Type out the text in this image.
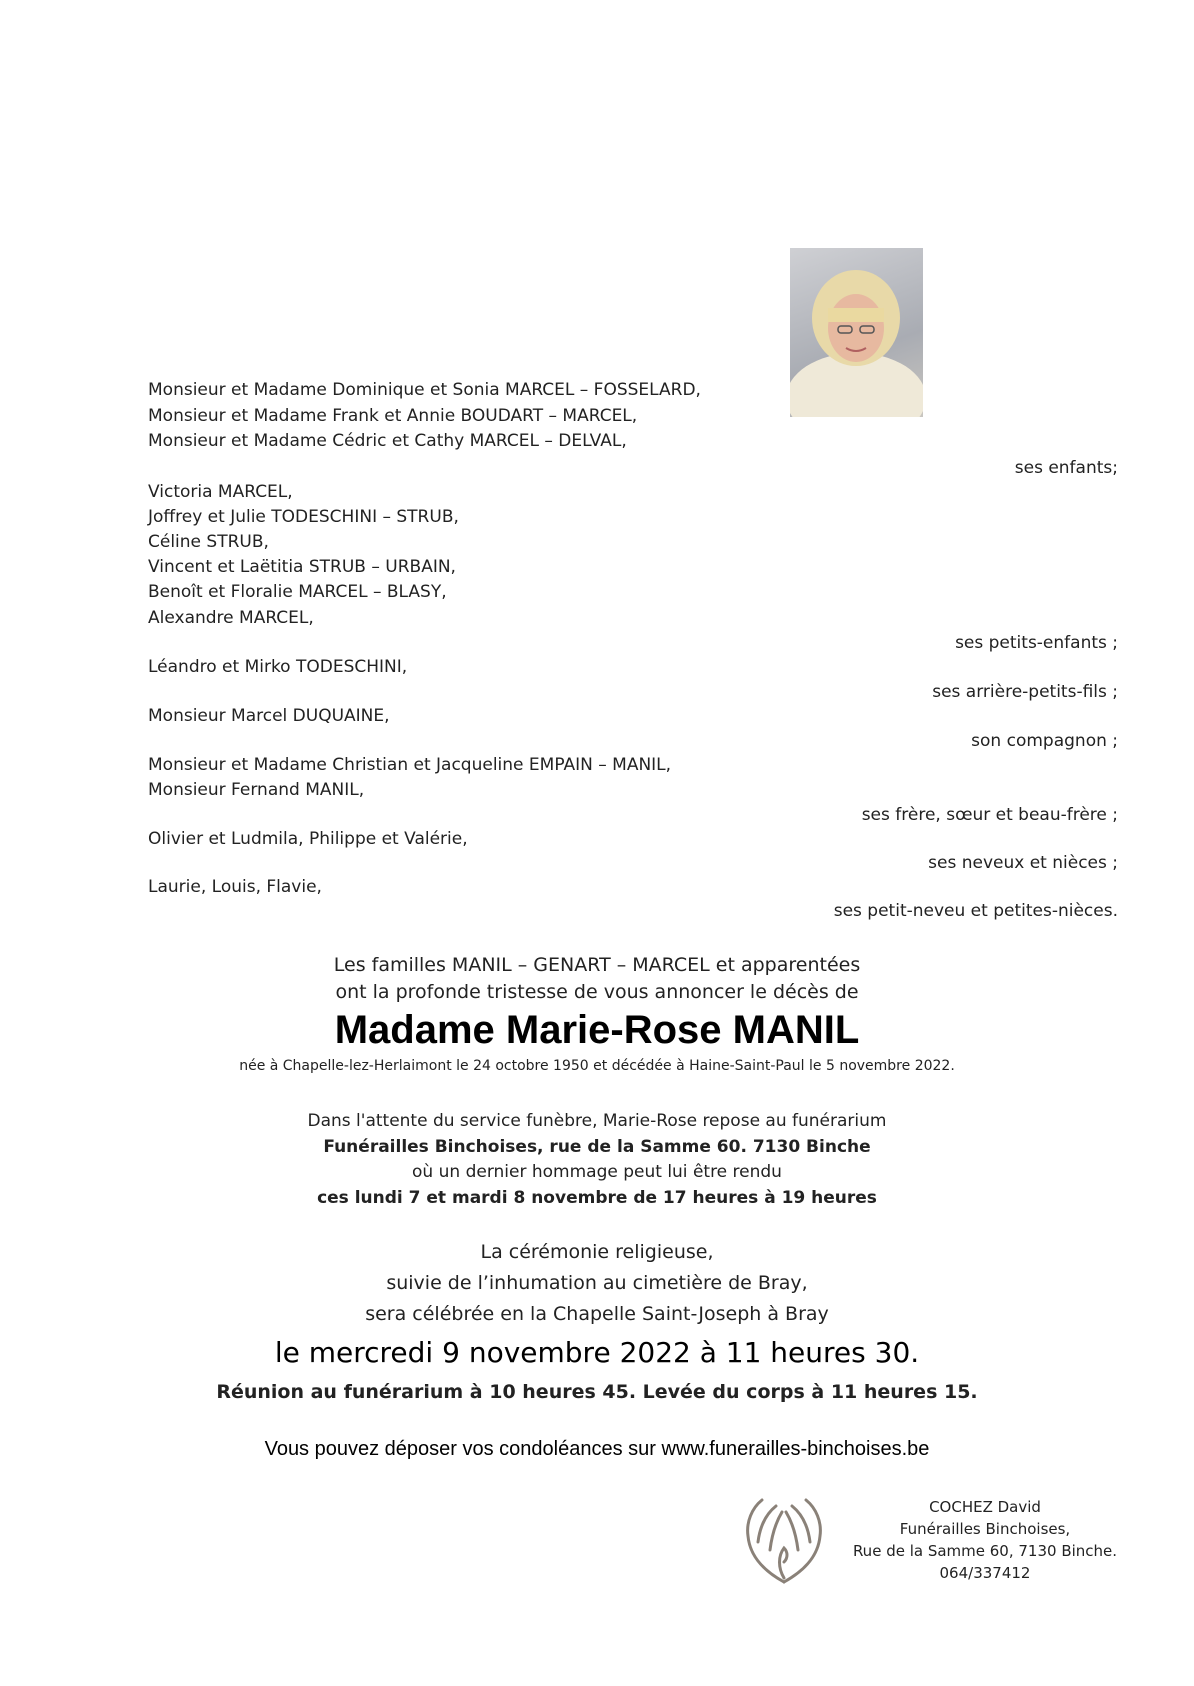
Monsieur et Madame Dominique et Sonia MARCEL – FOSSELARD,
Monsieur et Madame Frank et Annie BOUDART – MARCEL,
Monsieur et Madame Cédric et Cathy MARCEL – DELVAL,
ses enfants;
Victoria MARCEL,
Joffrey et Julie TODESCHINI – STRUB,
Céline STRUB,
Vincent et Laëtitia STRUB – URBAIN,
Benoît et Floralie MARCEL – BLASY,
Alexandre MARCEL,
ses petits-enfants ;
Léandro et Mirko TODESCHINI,
ses arrière-petits-fils ;
Monsieur Marcel DUQUAINE,
son compagnon ;
Monsieur et Madame Christian et Jacqueline EMPAIN – MANIL,
Monsieur Fernand MANIL,
ses frère, sœur et beau-frère ;
Olivier et Ludmila, Philippe et Valérie,
ses neveux et nièces ;
Laurie, Louis, Flavie,
ses petit-neveu et petites-nièces.
Les familles MANIL – GENART – MARCEL et apparentées
ont la profonde tristesse de vous annoncer le décès de
Madame Marie-Rose MANIL
née à Chapelle-lez-Herlaimont le 24 octobre 1950 et décédée à Haine-Saint-Paul le 5 novembre 2022.
Dans l'attente du service funèbre, Marie-Rose repose au funérarium
Funérailles Binchoises, rue de la Samme 60. 7130 Binche
où un dernier hommage peut lui être rendu
ces lundi 7 et mardi 8 novembre de 17 heures à 19 heures
La cérémonie religieuse,
suivie de l’inhumation au cimetière de Bray,
sera célébrée en la Chapelle Saint-Joseph à Bray
le mercredi 9 novembre 2022 à 11 heures 30.
Réunion au funérarium à 10 heures 45. Levée du corps à 11 heures 15.
Vous pouvez déposer vos condoléances sur www.funerailles-binchoises.be
COCHEZ David
Funérailles Binchoises,
Rue de la Samme 60, 7130 Binche.
064/337412
